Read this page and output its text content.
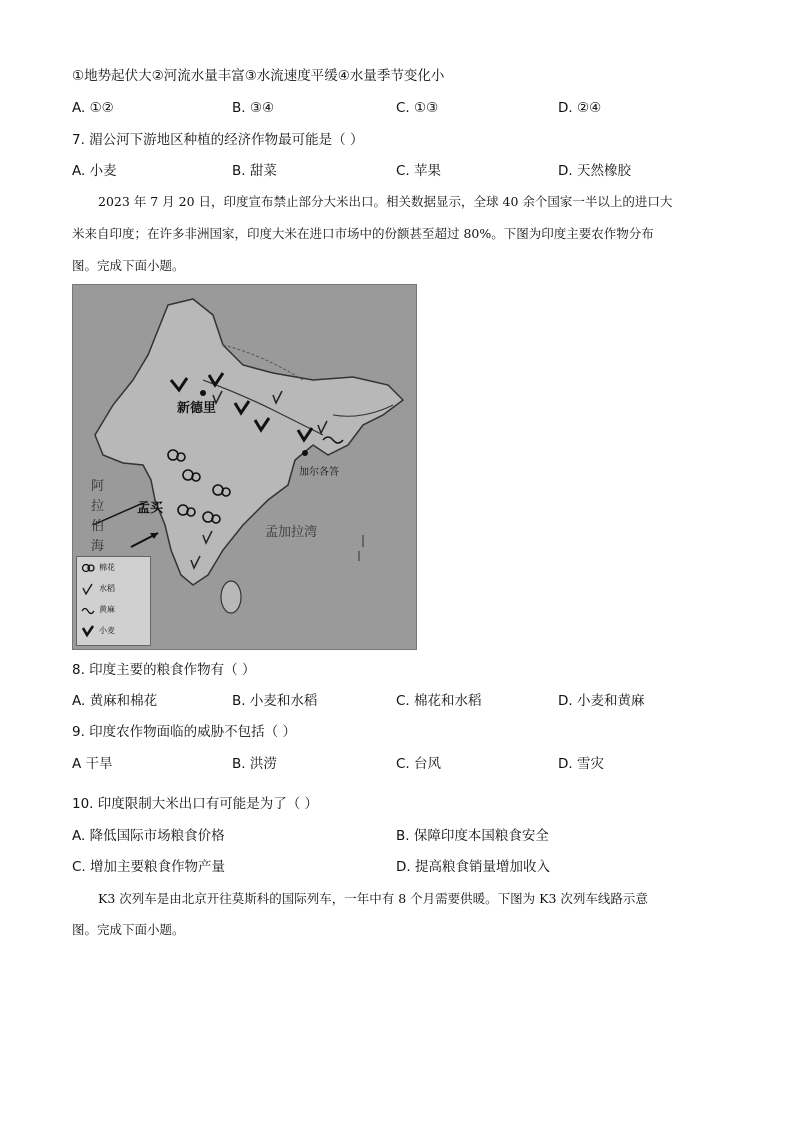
①地势起伏大②河流水量丰富③水流速度平缓④水量季节变化小
A. ①②	B. ③④	C. ①③	D. ②④
7. 湄公河下游地区种植的经济作物最可能是（ ）
A. 小麦	B. 甜菜	C. 苹果	D. 天然橡胶
2023 年 7 月 20 日，印度宣布禁止部分大米出口。相关数据显示，全球 40 余个国家一半以上的进口大
米来自印度；在许多非洲国家，印度大米在进口市场中的份额甚至超过 80%。下图为印度主要农作物分布
图。完成下面小题。
新德里
加尔各答
孟买
阿拉伯海
孟加拉湾
棉花
水稻
黄麻
小麦
8. 印度主要的粮食作物有（ ）
A. 黄麻和棉花	B. 小麦和水稻	C. 棉花和水稻	D. 小麦和黄麻
9. 印度农作物面临的威胁不包括（ ）
A 干旱	B. 洪涝	C. 台风	D. 雪灾
10. 印度限制大米出口有可能是为了（ ）
A. 降低国际市场粮食价格	B. 保障印度本国粮食安全
C. 增加主要粮食作物产量	D. 提高粮食销量增加收入
K3 次列车是由北京开往莫斯科的国际列车，一年中有 8 个月需要供暖。下图为 K3 次列车线路示意
图。完成下面小题。
